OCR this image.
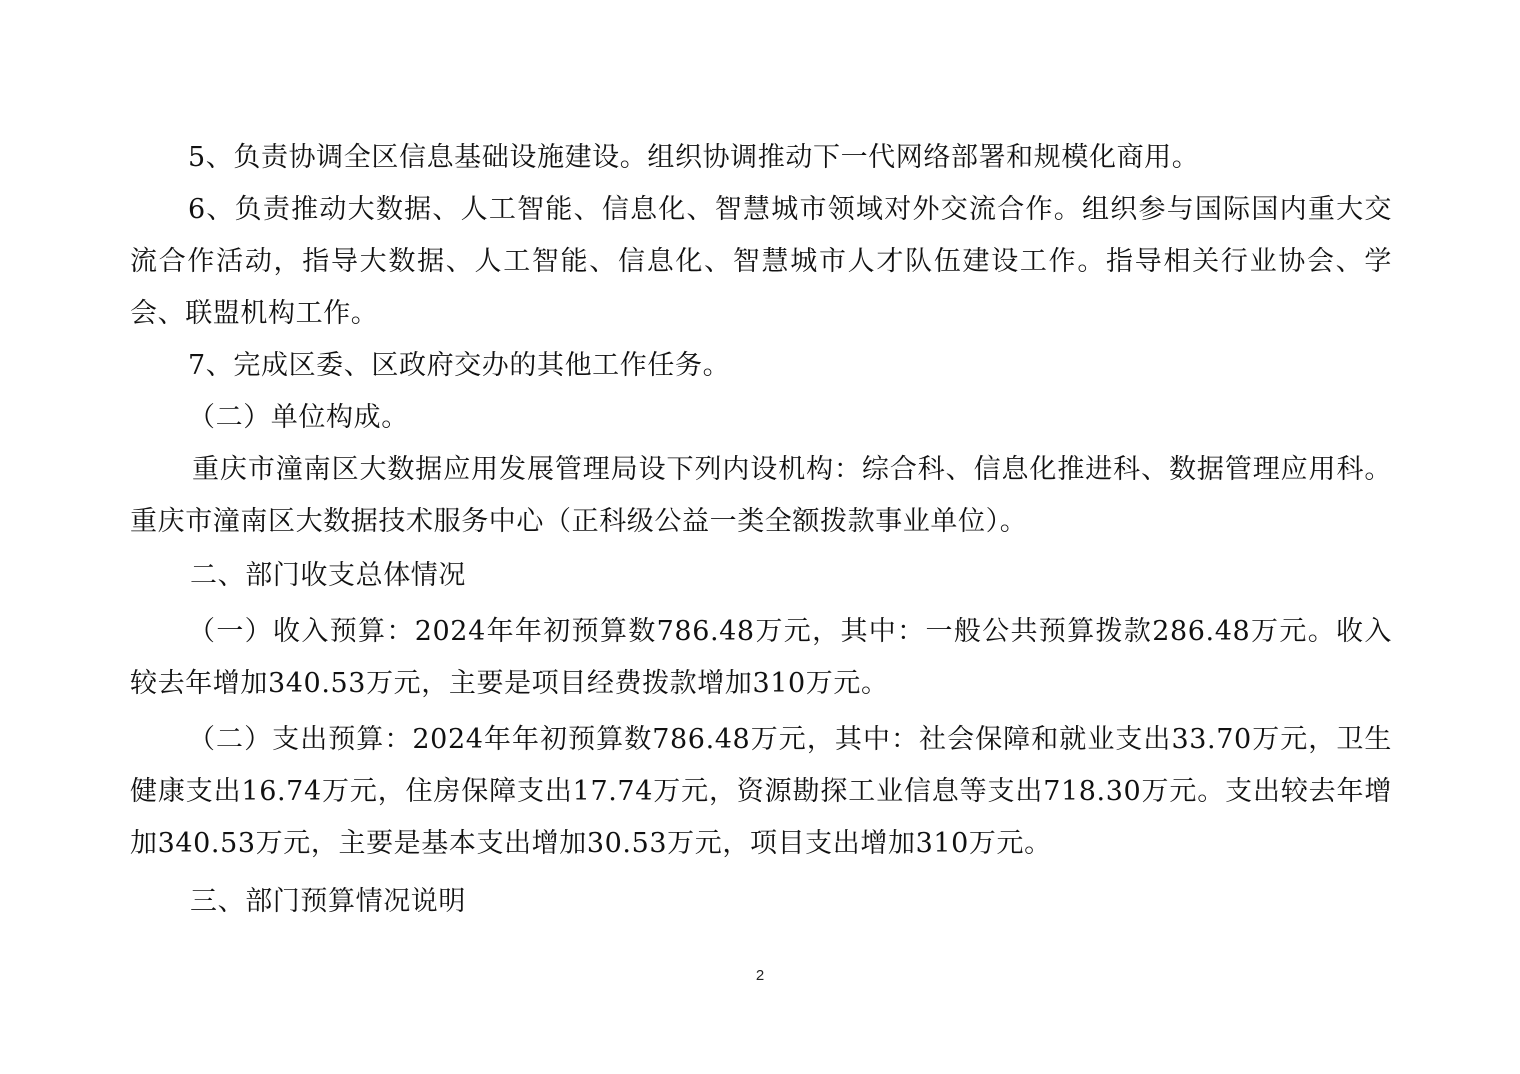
5、负责协调全区信息基础设施建设。组织协调推动下一代网络部署和规模化商用。

6、负责推动大数据、人工智能、信息化、智慧城市领域对外交流合作。组织参与国际国内重大交流合作活动，指导大数据、人工智能、信息化、智慧城市人才队伍建设工作。指导相关行业协会、学会、联盟机构工作。

7、完成区委、区政府交办的其他工作任务。

（二）单位构成。

重庆市潼南区大数据应用发展管理局设下列内设机构：综合科、信息化推进科、数据管理应用科。重庆市潼南区大数据技术服务中心（正科级公益一类全额拨款事业单位）。

二、部门收支总体情况

（一）收入预算：2024年年初预算数786.48万元，其中：一般公共预算拨款286.48万元。收入较去年增加340.53万元，主要是项目经费拨款增加310万元。

（二）支出预算：2024年年初预算数786.48万元，其中：社会保障和就业支出33.70万元，卫生健康支出16.74万元，住房保障支出17.74万元，资源勘探工业信息等支出718.30万元。支出较去年增加340.53万元，主要是基本支出增加30.53万元，项目支出增加310万元。

三、部门预算情况说明

2
